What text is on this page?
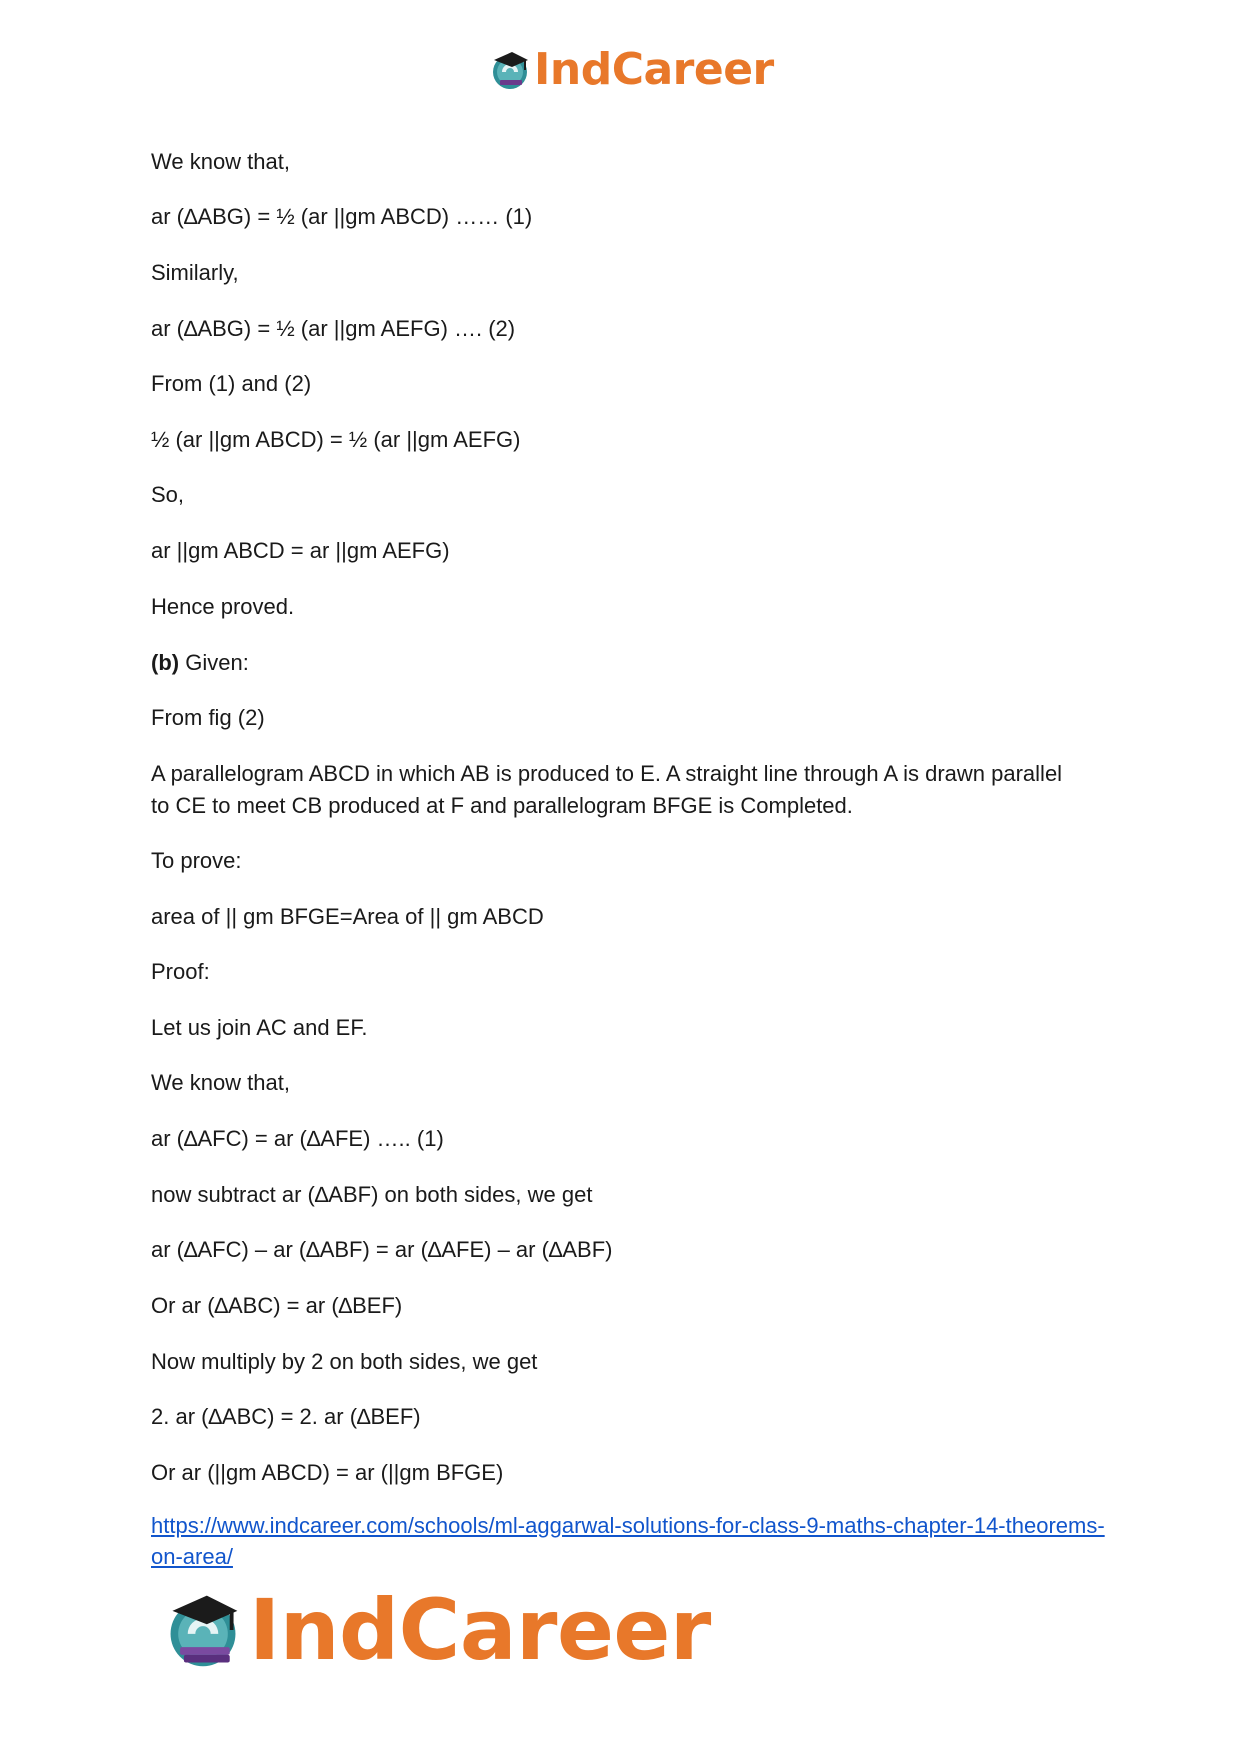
IndCareer
We know that,
ar (∆ABG) = ½ (ar ||gm ABCD) …… (1)
Similarly,
ar (∆ABG) = ½ (ar ||gm AEFG) …. (2)
From (1) and (2)
½ (ar ||gm ABCD) = ½ (ar ||gm AEFG)
So,
ar ||gm ABCD = ar ||gm AEFG)
Hence proved.
(b) Given:
From fig (2)
A parallelogram ABCD in which AB is produced to E. A straight line through A is drawn parallel to CE to meet CB produced at F and parallelogram BFGE is Completed.
To prove:
area of || gm BFGE=Area of || gm ABCD
Proof:
Let us join AC and EF.
We know that,
ar (∆AFC) = ar (∆AFE) ….. (1)
now subtract ar (∆ABF) on both sides, we get
ar (∆AFC) – ar (∆ABF) = ar (∆AFE) – ar (∆ABF)
Or ar (∆ABC) = ar (∆BEF)
Now multiply by 2 on both sides, we get
2. ar (∆ABC) = 2. ar (∆BEF)
Or ar (||gm ABCD) = ar (||gm BFGE)
https://www.indcareer.com/schools/ml-aggarwal-solutions-for-class-9-maths-chapter-14-theorems-on-area/
IndCareer
